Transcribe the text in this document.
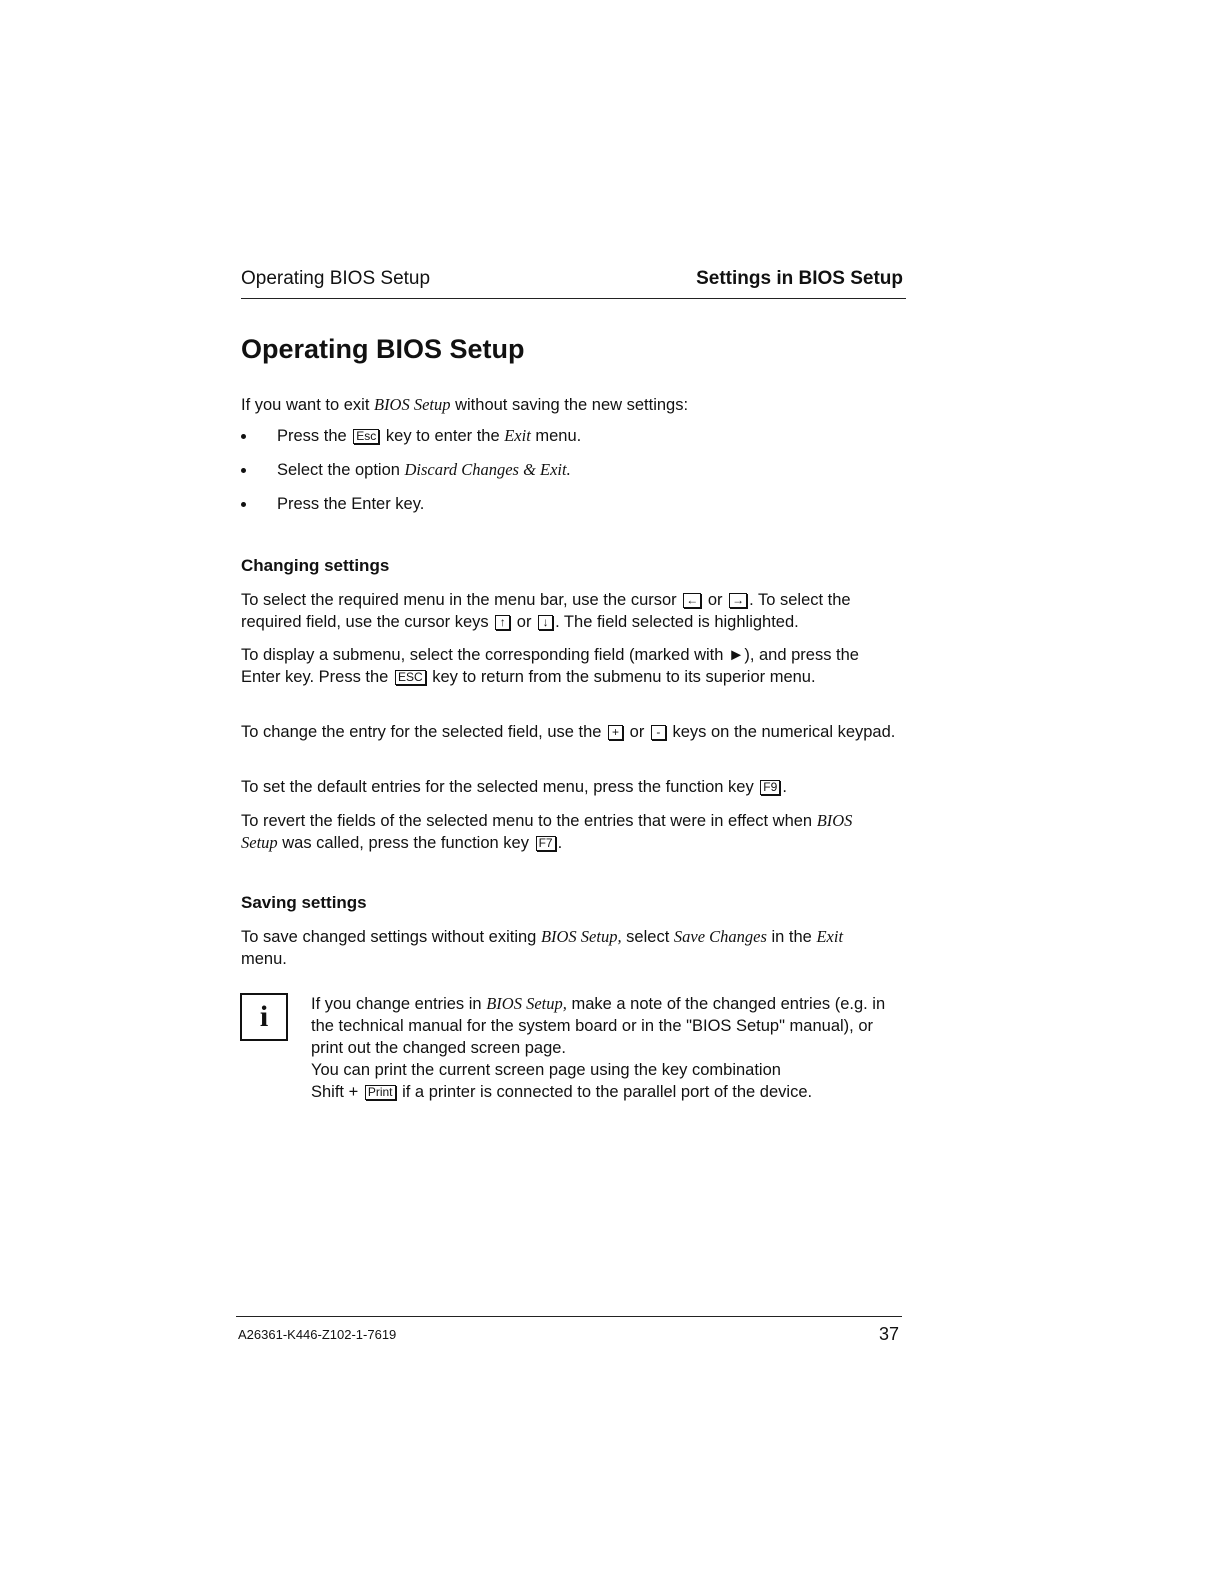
Operating BIOS Setup	Settings in BIOS Setup
Operating BIOS Setup
If you want to exit BIOS Setup without saving the new settings:
Press the Esc key to enter the Exit menu.
Select the option Discard Changes & Exit.
Press the Enter key.
Changing settings
To select the required menu in the menu bar, use the cursor ← or → . To select the required field, use the cursor keys ↑ or ↓ . The field selected is highlighted.
To display a submenu, select the corresponding field (marked with ►), and press the Enter key. Press the ESC key to return from the submenu to its superior menu.
To change the entry for the selected field, use the + or - keys on the numerical keypad.
To set the default entries for the selected menu, press the function key F9 .
To revert the fields of the selected menu to the entries that were in effect when BIOS Setup was called, press the function key F7 .
Saving settings
To save changed settings without exiting BIOS Setup, select Save Changes in the Exit menu.
i	If you change entries in BIOS Setup, make a note of the changed entries (e.g. in the technical manual for the system board or in the "BIOS Setup" manual), or print out the changed screen page.
You can print the current screen page using the key combination
Shift + Print if a printer is connected to the parallel port of the device.
A26361-K446-Z102-1-7619	37
